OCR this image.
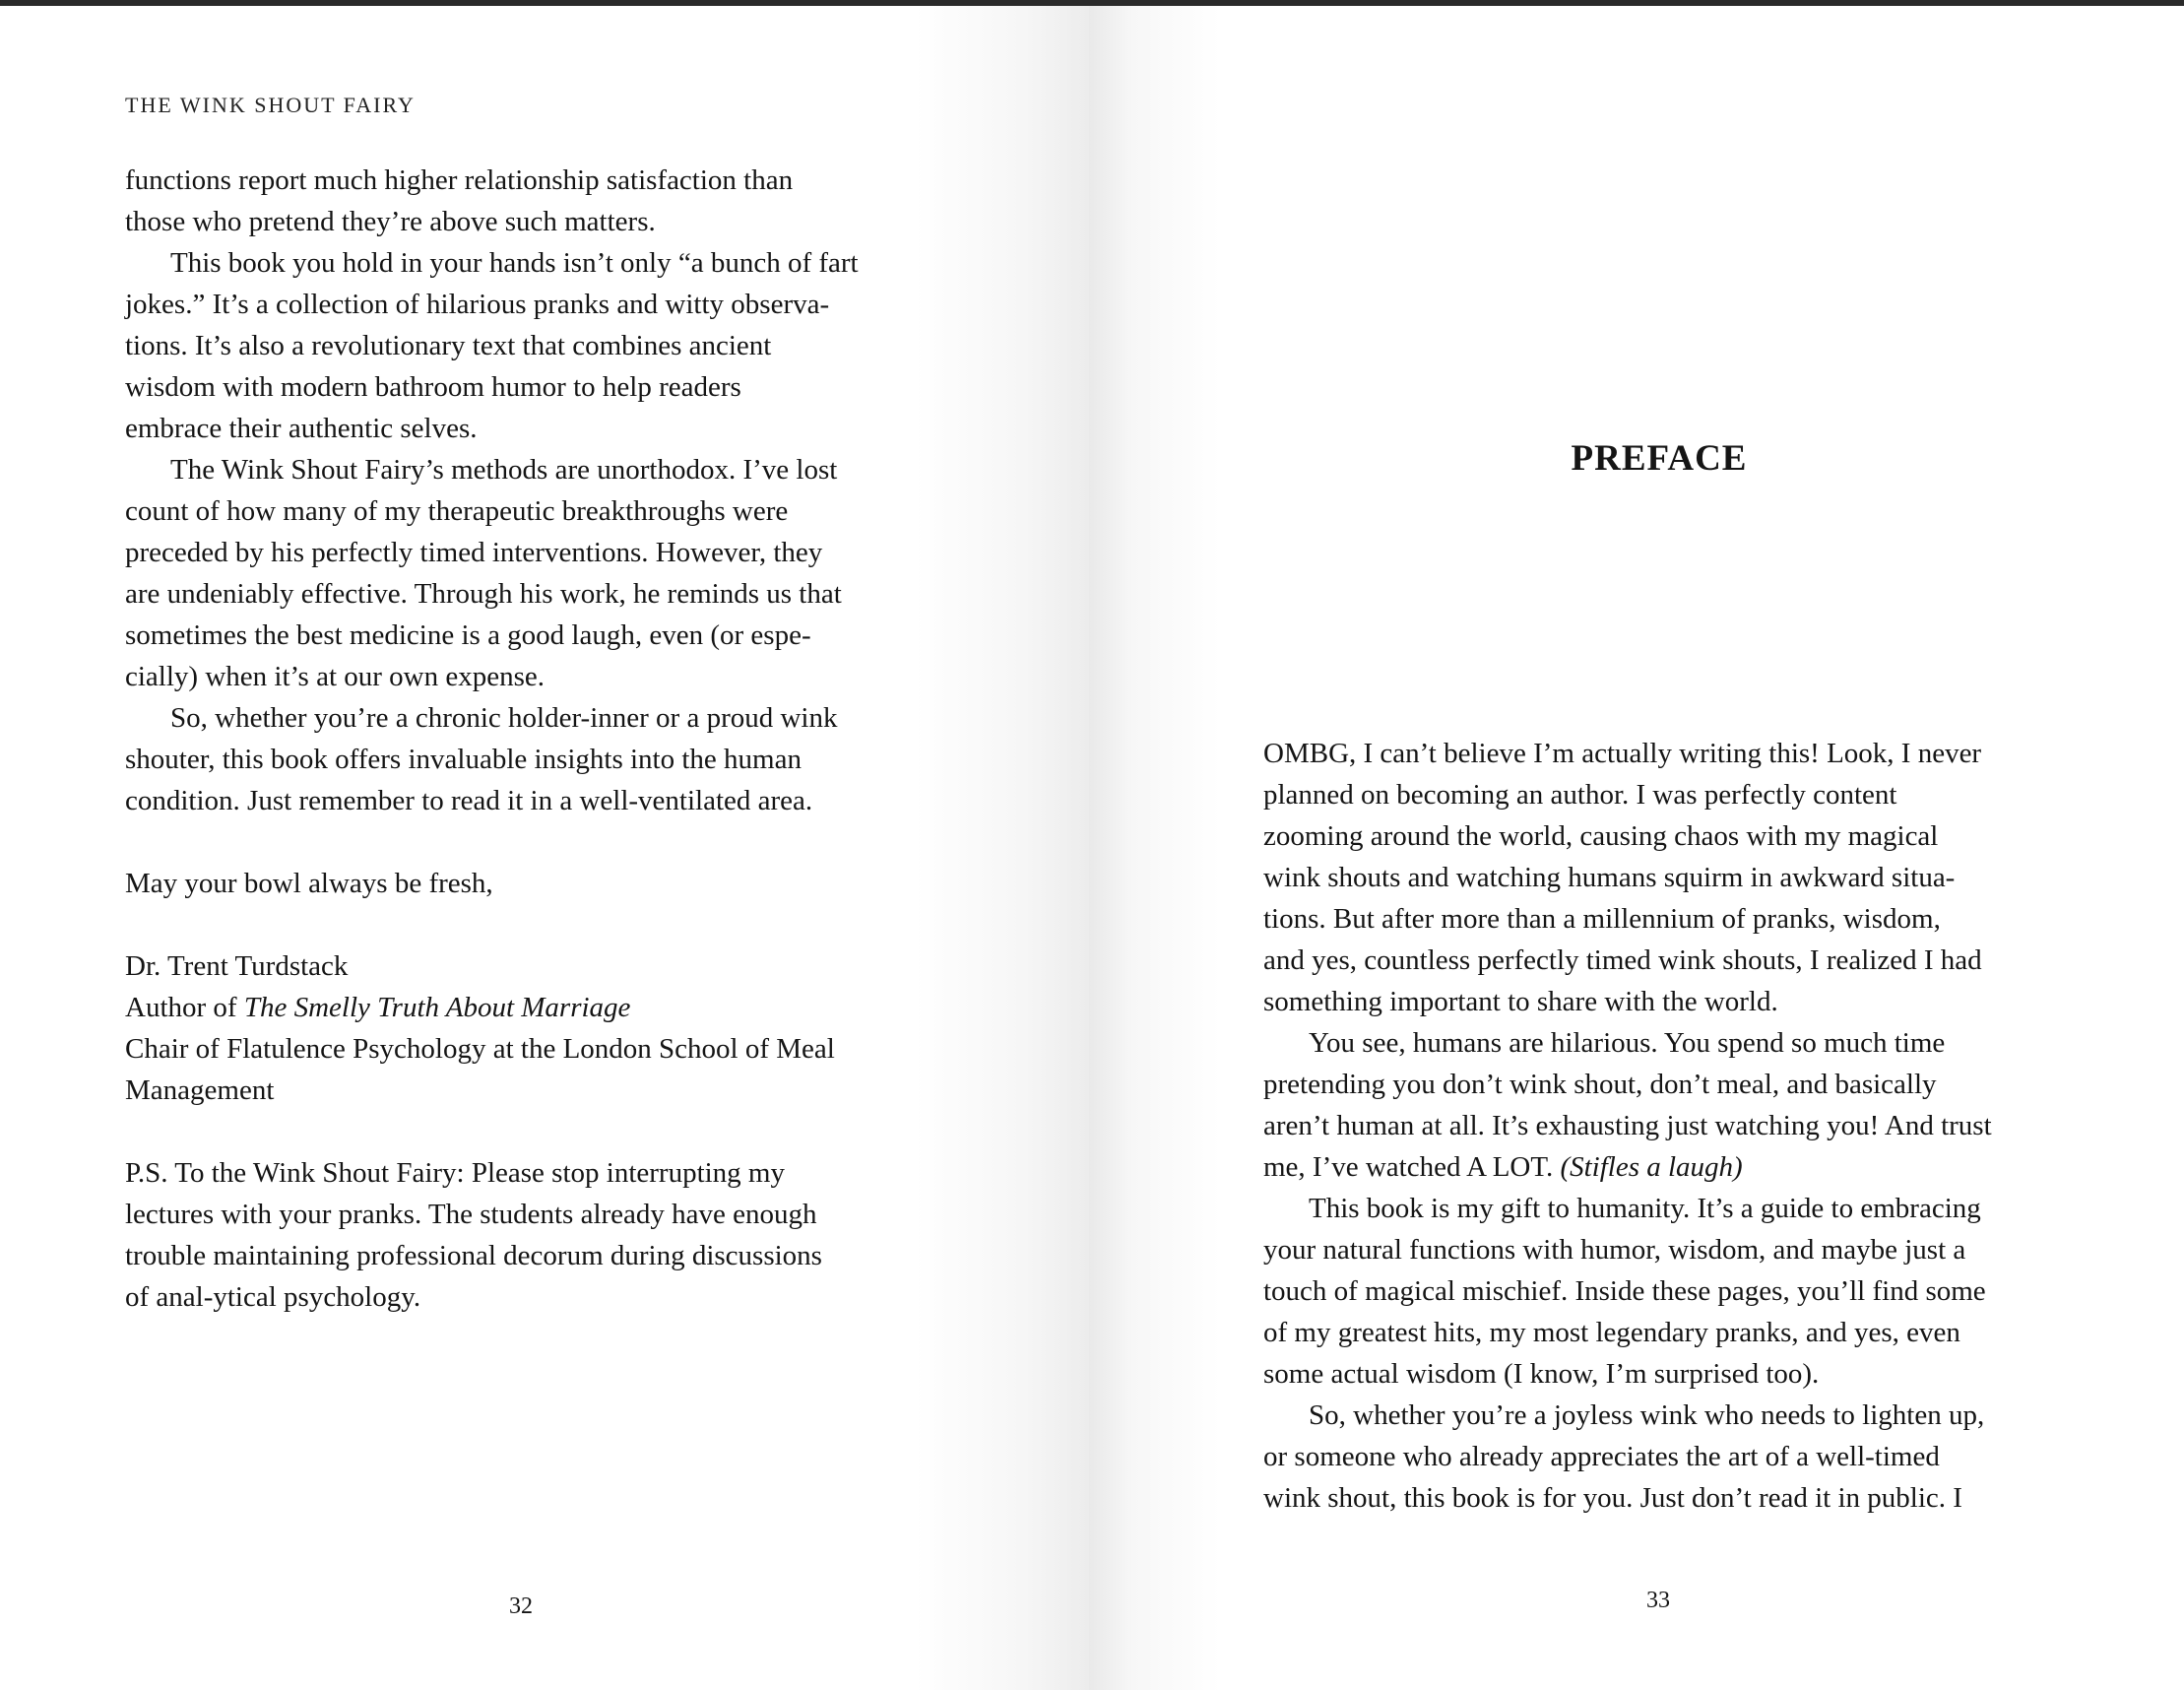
THE WINK SHOUT FAIRY
functions report much higher relationship satisfaction than
those who pretend they’re above such matters.
This book you hold in your hands isn’t only “a bunch of fart
jokes.” It’s a collection of hilarious pranks and witty observa-
tions. It’s also a revolutionary text that combines ancient
wisdom with modern bathroom humor to help readers
embrace their authentic selves.
The Wink Shout Fairy’s methods are unorthodox. I’ve lost
count of how many of my therapeutic breakthroughs were
preceded by his perfectly timed interventions. However, they
are undeniably effective. Through his work, he reminds us that
sometimes the best medicine is a good laugh, even (or espe-
cially) when it’s at our own expense.
So, whether you’re a chronic holder-inner or a proud wink
shouter, this book offers invaluable insights into the human
condition. Just remember to read it in a well-ventilated area.
May your bowl always be fresh,
Dr. Trent Turdstack
Author of The Smelly Truth About Marriage
Chair of Flatulence Psychology at the London School of Meal
Management
P.S. To the Wink Shout Fairy: Please stop interrupting my
lectures with your pranks. The students already have enough
trouble maintaining professional decorum during discussions
of anal-ytical psychology.
32
PREFACE
OMBG, I can’t believe I’m actually writing this! Look, I never
planned on becoming an author. I was perfectly content
zooming around the world, causing chaos with my magical
wink shouts and watching humans squirm in awkward situa-
tions. But after more than a millennium of pranks, wisdom,
and yes, countless perfectly timed wink shouts, I realized I had
something important to share with the world.
You see, humans are hilarious. You spend so much time
pretending you don’t wink shout, don’t meal, and basically
aren’t human at all. It’s exhausting just watching you! And trust
me, I’ve watched A LOT. (Stifles a laugh)
This book is my gift to humanity. It’s a guide to embracing
your natural functions with humor, wisdom, and maybe just a
touch of magical mischief. Inside these pages, you’ll find some
of my greatest hits, my most legendary pranks, and yes, even
some actual wisdom (I know, I’m surprised too).
So, whether you’re a joyless wink who needs to lighten up,
or someone who already appreciates the art of a well-timed
wink shout, this book is for you. Just don’t read it in public. I
33
